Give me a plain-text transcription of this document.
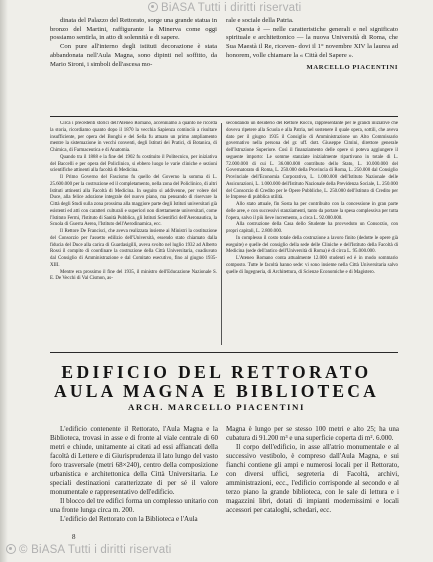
BiASA Tutti i diritti riservati

dinata del Palazzo del Rettorato, sorge una grande statua in bronzo del Martini, raffigurante la Minerva come oggi possiamo sentirla, in atto di solennità e di sapere.

Con pure all'interno degli istituti decorazione è stata abbandonata nell'Aula Magna, sono dipinti nel soffitto, da Mario Sironi, i simboli dell'ascesa mo-

rale e sociale della Patria.

Questa è — nelle caratteristiche generali e nel significato spirituale e architettonico — la nuova Università di Roma, che Sua Maestà il Re, riceven- dovi il 1° novembre XIV la laurea ad honorem, volle chiamare la « Città del Sapere ».

MARCELLO PIACENTINI

Circa i precedenti storici dell'Ateneo Romano, accenniamo a quanto ne ricorda la storia, ricordiamo quanto dopo il 1870 la vecchia Sapienza cominciò a risultare insufficiente, per opera del Bonghi e del Sella fu attuato un primo ampliamento mentre la sistemazione in vecchi conventi, degli Istituti dei Pratici, di Botanica, di Chimica, di Farmaceutica e di Anatomia.

Quando tra il 1888 e la fine del 1902 fu costituito il Politecnico, per iniziativa del Baccelli e per opera del Policlinico, si ebbero luogo le varie cliniche e sezioni scientifiche attinenti alla facoltà di Medicina.

Il Primo Governo del Fascismo fu quello del Governo la somma di L. 25.600.000 per la costruzione ed il completamento, nella zona del Policlinico, di altri Istituti attinenti alla Facoltà di Medicina. In seguito si addivenne, per volere del Duce, alla felice adozione integrale del nuovo piano, ma pensando di riservare la Città degli Studi sulla zona prossima alla maggiore parte degli Istituti universitari già esistenti ed atti con caratteri culturali e superiori non direttamente universitari, come l'Istituto Fermi, l'Istituto di Sanità Pubblica, gli Istituti Scientifici dell'Aeronautica, la Scuola di Guerra Aerea, l'Istituto dell'Aerodinamica, ecc.

Il Rettore De Francisci, che aveva realizzata insieme ai Ministri la costituzione del Consorzio per l'assetto edilizio dell'Università, essendo stato chiamato dalla fiducia del Duce alla carica di Guardasigilli, aveva svolto nel luglio 1932 ad Alberto Rossi il compito di coordinare la costruzione della Città Universitaria, coadiuvato dal Consiglio di Amministrazione e dal Comitato esecutivo, fino al giugno 1935-XIII.

Mentre era prossimo il fine del 1935, il ministro dell'Educazione Nazionale S. E. De Vecchi di Val Cismon, as-

secondando un desiderio del Rettore Rocco, rappresentante per le grandi iniziative che doveva ripetere alla Scuola e alla Patria, nel sostenere il quale opera, sottili, che aveva dato per il giugno 1935 il Consiglio di Amministrazione un Alto Commissario governativo nella persona del gr. uff. dott. Giuseppe Cimini, direttore generale dell'Istruzione Superiore. Così il finanziamento delle opere si poteva aggiungere il seguente importo: Le somme stanziate inizialmente ripartivano in totale di L. 72.000.000 di cui L. 36.000.000 contributo dello Stato, L. 10.000.000 del Governatorato di Roma, L. 250.000 della Provincia di Roma, L. 250.000 dal Consiglio Provinciale dell'Economia Corporativa, L. 1.000.000 dell'Istituto Nazionale delle Assicurazioni, L. 1.000.000 dell'Istituto Nazionale della Previdenza Sociale, L. 250.000 del Consorzio di Credito per le Opere Pubbliche, L. 250.000 dell'Istituto di Credito per le Imprese di pubblica utilità.

Allo stato attuale, fin Sosta ha per contribuito con la concessione in gran parte delle aree, e con successivi stanziamenti, tanto da portare la spesa complessiva per tutta l'opera, salvo il più lieve incremento, a circa L. 92.000.000.

Alla costruzione della Casa dello Studente ha provveduto un Consorzio, con propri capitali, L. 2.800.000.

In complesso il costo totale della costruzione a lavoro finito (dedotte le opere già eseguite) e quelle del consiglio della sede delle Cliniche e dell'Istituto della Facoltà di Medicina (sede dell'antico dell'Università di Roma) è di circa L. 95.000.000.

L'Ateneo Romano conta attualmente 12.000 studenti ed è in modo sommario composto. Tutte le facoltà hanno sede: vi sono insieme nella Città Universitaria salvo quelle di Ingegneria, di Architettura, di Scienze Economiche e di Magistero.

EDIFICIO DEL RETTORATO
AULA MAGNA E BIBLIOTECA
ARCH. MARCELLO PIACENTINI

L'edificio contenente il Rettorato, l'Aula Magna e la Biblioteca, trovasi in asse e di fronte al viale centrale di 60 metri e chiude, unitamente ai citati ad essi affiancati della facoltà di Lettere e di Giurisprudenza il lato lungo del vasto foro trasversale (metri 68×240), centro della composizione urbanistica e architettonica della Città Universitaria. Le speciali destinazioni caratterizzate di per sé il valore monumentale e rappresentativo dell'edificio.

Il blocco del tre edifici forma un complesso unitario con una fronte lunga circa m. 200.

L'edificio del Rettorato con la Biblioteca e l'Aula

Magna è lungo per se stesso 100 metri e alto 25; ha una cubatura di 91.200 m³ e una superficie coperta di m². 6.000.

Il corpo dell'edificio, in asse all'atrio monumentale e al successivo vestibolo, è compreso dall'Aula Magna, e sui fianchi contiene gli ampi e numerosi locali per il Rettorato, con diversi uffici, segreteria di Facoltà, archivi, amministrazioni, ecc., l'edificio corrisponde al secondo e al terzo piano la grande biblioteca, con le sale di lettura e i magazzini libri, dotati di impianti modernissimi e locali accessori per cataloghi, schedari, ecc.

8
© BiASA Tutti i diritti riservati
